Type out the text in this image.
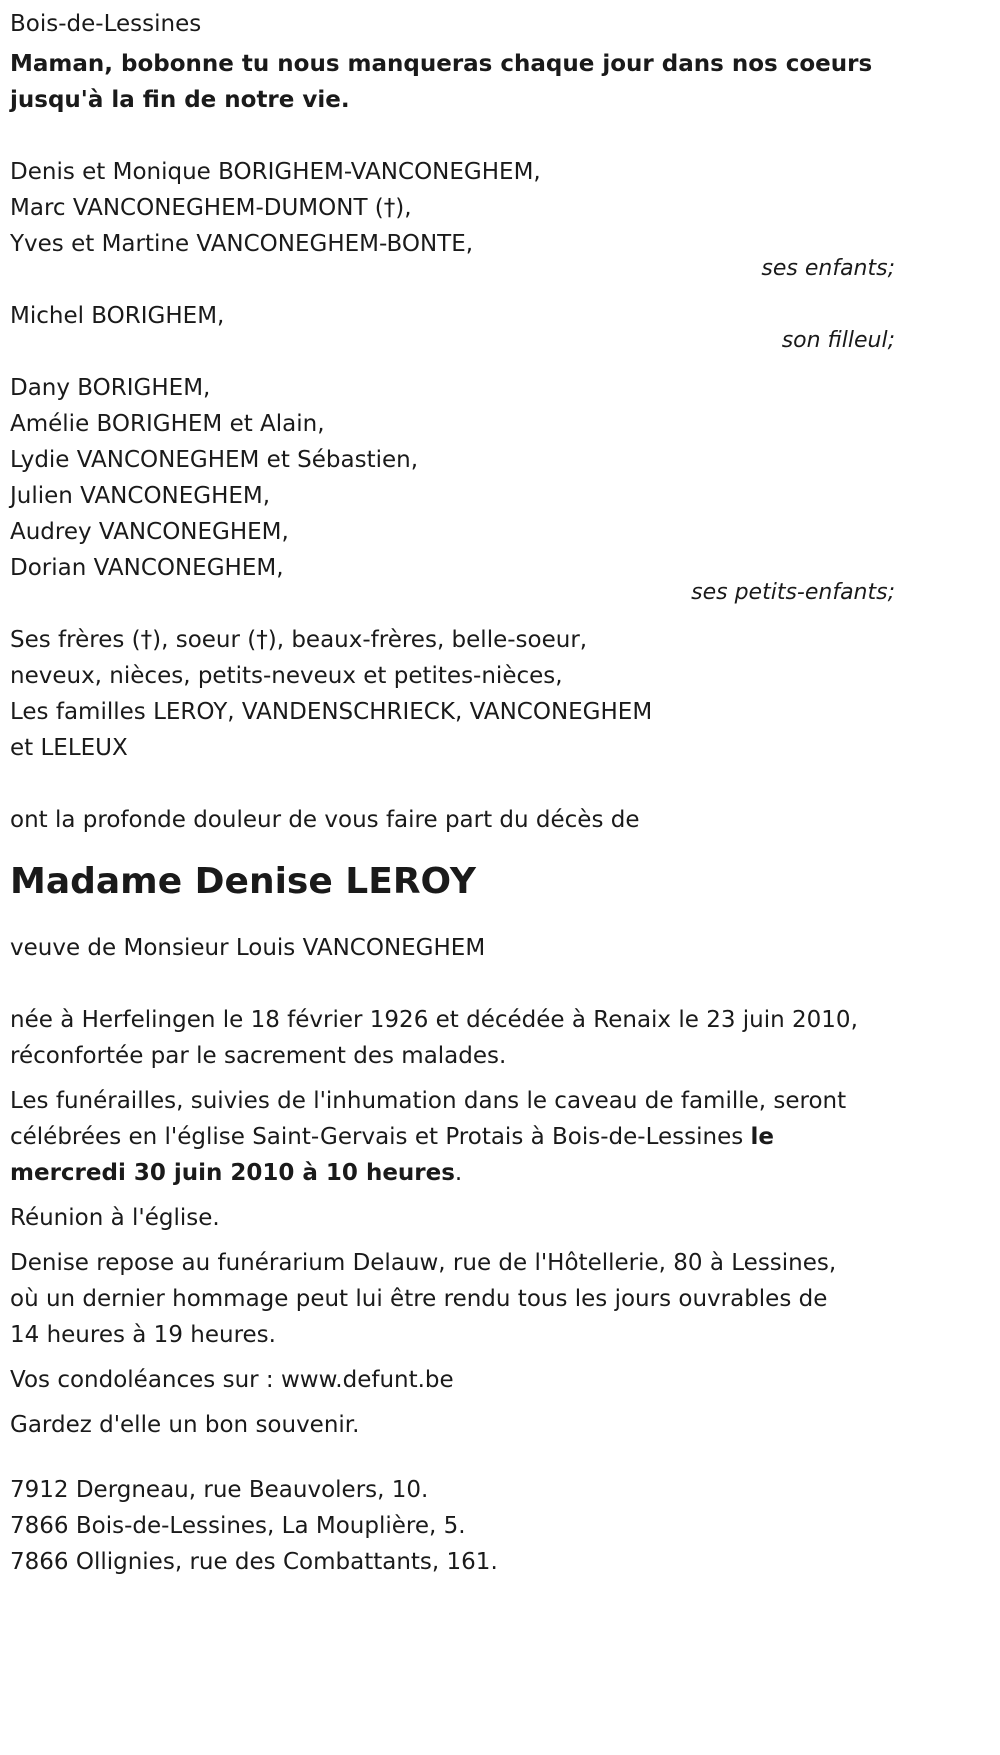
Bois-de-Lessines
Maman, bobonne tu nous manqueras chaque jour dans nos coeurs
jusqu'à la fin de notre vie.
Denis et Monique BORIGHEM-VANCONEGHEM,
Marc VANCONEGHEM-DUMONT (†),
Yves et Martine VANCONEGHEM-BONTE,
ses enfants;
Michel BORIGHEM,
son filleul;
Dany BORIGHEM,
Amélie BORIGHEM et Alain,
Lydie VANCONEGHEM et Sébastien,
Julien VANCONEGHEM,
Audrey VANCONEGHEM,
Dorian VANCONEGHEM,
ses petits-enfants;
Ses frères (†), soeur (†), beaux-frères, belle-soeur,
neveux, nièces, petits-neveux et petites-nièces,
Les familles LEROY, VANDENSCHRIECK, VANCONEGHEM
et LELEUX
ont la profonde douleur de vous faire part du décès de
Madame Denise LEROY
veuve de Monsieur Louis VANCONEGHEM
née à Herfelingen le 18 février 1926 et décédée à Renaix le 23 juin 2010,
réconfortée par le sacrement des malades.
Les funérailles, suivies de l'inhumation dans le caveau de famille, seront
célébrées en l'église Saint-Gervais et Protais à Bois-de-Lessines le
mercredi 30 juin 2010 à 10 heures.
Réunion à l'église.
Denise repose au funérarium Delauw, rue de l'Hôtellerie, 80 à Lessines,
où un dernier hommage peut lui être rendu tous les jours ouvrables de
14 heures à 19 heures.
Vos condoléances sur : www.defunt.be
Gardez d'elle un bon souvenir.
7912 Dergneau, rue Beauvolers, 10.
7866 Bois-de-Lessines, La Mouplière, 5.
7866 Ollignies, rue des Combattants, 161.
